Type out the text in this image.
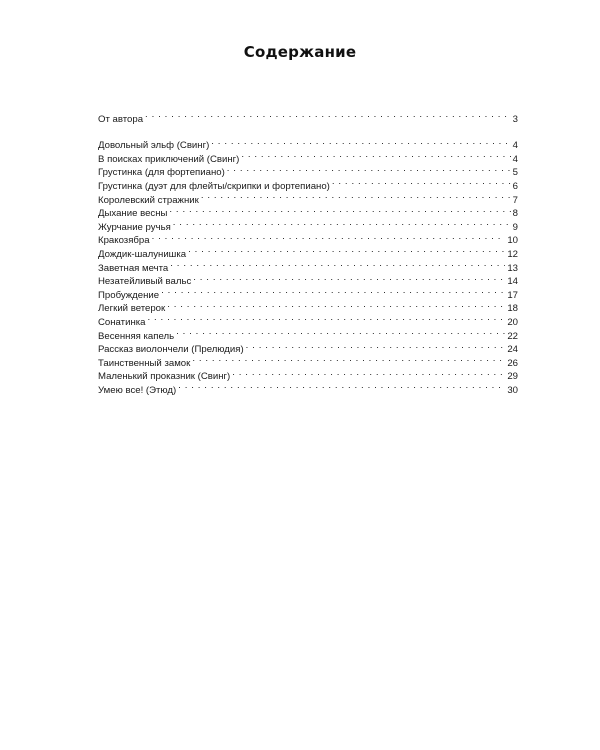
Содержание
От автора . . .	3
Довольный эльф (Свинг) . . .	4
В поисках приключений (Свинг) . . .	4
Грустинка (для фортепиано) . . .	5
Грустинка (дуэт для флейты/скрипки и фортепиано) . . .	6
Королевский стражник . . .	7
Дыхание весны . . .	8
Журчание ручья . . .	9
Кракозябра . . .	10
Дождик-шалунишка . . .	12
Заветная мечта . . .	13
Незатейливый вальс . . .	14
Пробуждение . . .	17
Легкий ветерок . . .	18
Сонатинка . . .	20
Весенняя капель . . .	22
Рассказ виолончели (Прелюдия) . . .	24
Таинственный замок . . .	26
Маленький проказник (Свинг) . . .	29
Умею все! (Этюд) . . .	30
